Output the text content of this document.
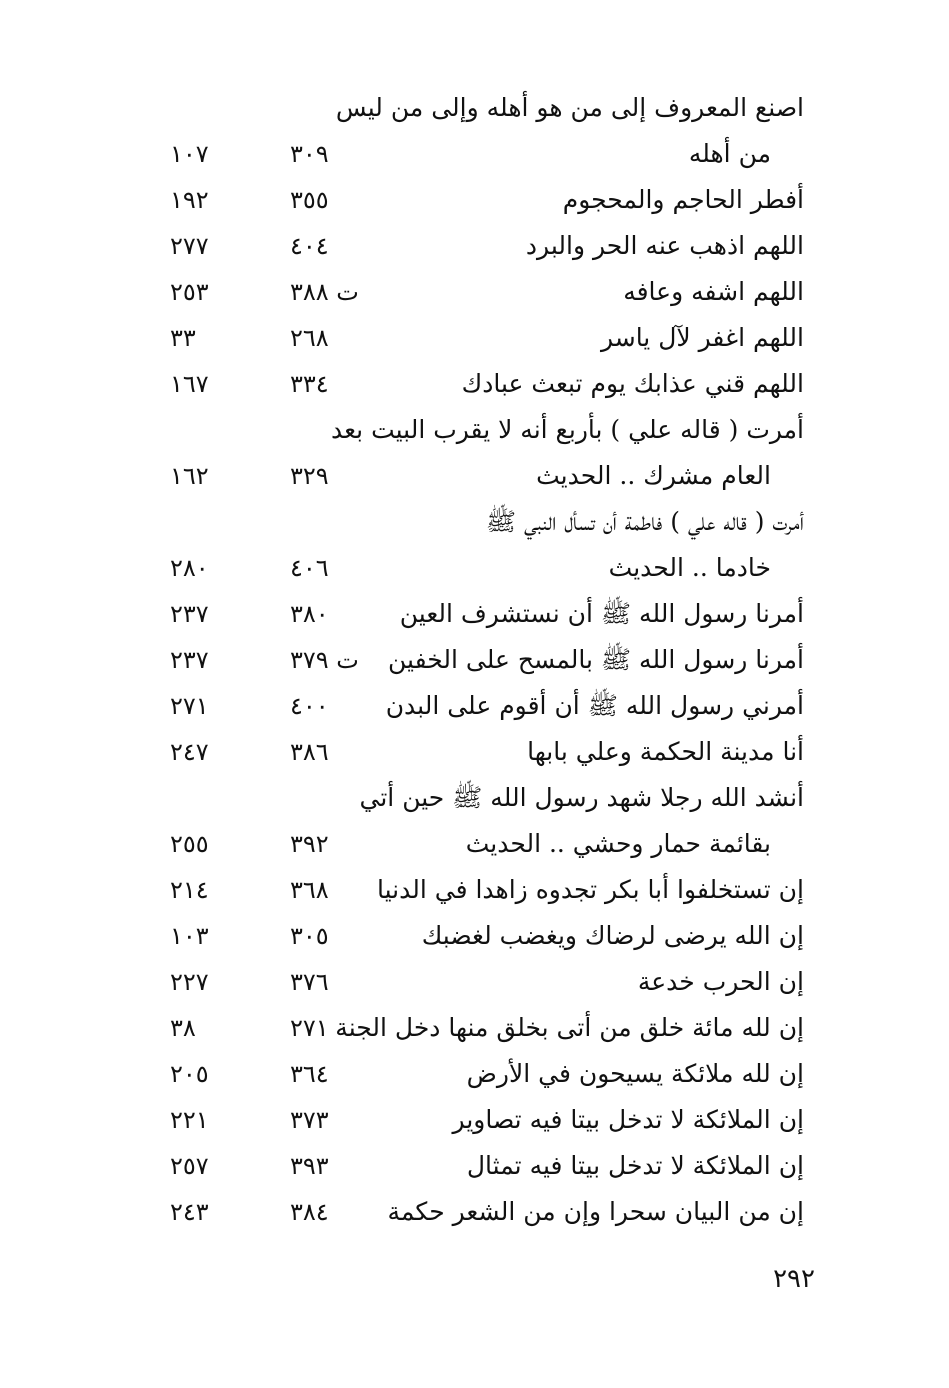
اصنع المعروف إلى من هو أهله وإلى من ليس
من أهله
٣٠٩
١٠٧
أفطر الحاجم والمحجوم
٣٥٥
١٩٢
اللهم اذهب عنه الحر والبرد
٤٠٤
٢٧٧
اللهم اشفه وعافه
ت ٣٨٨
٢٥٣
اللهم اغفر لآل ياسر
٢٦٨
٣٣
اللهم قني عذابك يوم تبعث عبادك
٣٣٤
١٦٧
أمرت ( قاله علي ) بأربع أنه لا يقرب البيت بعد
العام مشرك .. الحديث
٣٢٩
١٦٢
أمرت ( قاله علي ) فاطمة أن تسأل النبي ﷺ
خادما .. الحديث
٤٠٦
٢٨٠
أمرنا رسول الله ﷺ أن نستشرف العين
٣٨٠
٢٣٧
أمرنا رسول الله ﷺ بالمسح على الخفين
ت ٣٧٩
٢٣٧
أمرني رسول الله ﷺ أن أقوم على البدن
٤٠٠
٢٧١
أنا مدينة الحكمة وعلي بابها
٣٨٦
٢٤٧
أنشد الله رجلا شهد رسول الله ﷺ حين أتي
بقائمة حمار وحشي .. الحديث
٣٩٢
٢٥٥
إن تستخلفوا أبا بكر تجدوه زاهدا في الدنيا
٣٦٨
٢١٤
إن الله يرضى لرضاك ويغضب لغضبك
٣٠٥
١٠٣
إن الحرب خدعة
٣٧٦
٢٢٧
إن لله مائة خلق من أتى بخلق منها دخل الجنة
٢٧١
٣٨
إن لله ملائكة يسيحون في الأرض
٣٦٤
٢٠٥
إن الملائكة لا تدخل بيتا فيه تصاوير
٣٧٣
٢٢١
إن الملائكة لا تدخل بيتا فيه تمثال
٣٩٣
٢٥٧
إن من البيان سحرا وإن من الشعر حكمة
٣٨٤
٢٤٣
٢٩٢
